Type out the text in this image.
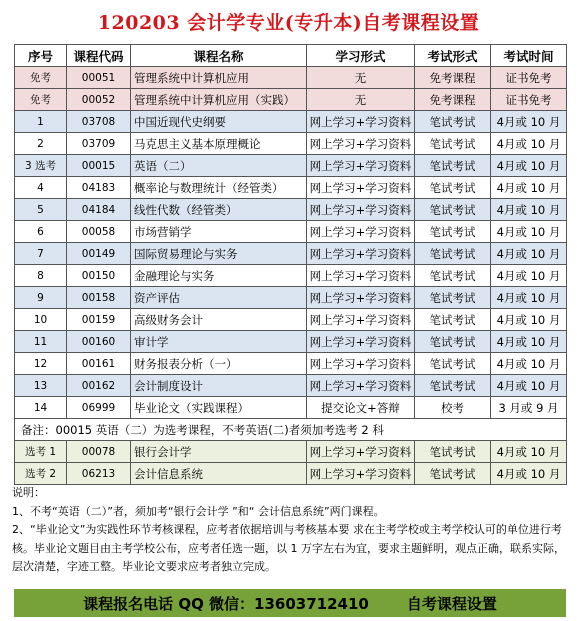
120203 会计学专业(专升本)自考课程设置
序号	课程代码	课程名称	学习形式	考试形式	考试时间
免考	00051	管理系统中计算机应用	无	免考课程	证书免考
免考	00052	管理系统中计算机应用（实践）	无	免考课程	证书免考
1	03708	中国近现代史纲要	网上学习+学习资料	笔试考试	4月或 10 月
2	03709	马克思主义基本原理概论	网上学习+学习资料	笔试考试	4月或 10 月
3 选考	00015	英语（二）	网上学习+学习资料	笔试考试	4月或 10 月
4	04183	概率论与数理统计（经管类）	网上学习+学习资料	笔试考试	4月或 10 月
5	04184	线性代数（经管类）	网上学习+学习资料	笔试考试	4月或 10 月
6	00058	市场营销学	网上学习+学习资料	笔试考试	4月或 10 月
7	00149	国际贸易理论与实务	网上学习+学习资料	笔试考试	4月或 10 月
8	00150	金融理论与实务	网上学习+学习资料	笔试考试	4月或 10 月
9	00158	资产评估	网上学习+学习资料	笔试考试	4月或 10 月
10	00159	高级财务会计	网上学习+学习资料	笔试考试	4月或 10 月
11	00160	审计学	网上学习+学习资料	笔试考试	4月或 10 月
12	00161	财务报表分析（一）	网上学习+学习资料	笔试考试	4月或 10 月
13	00162	会计制度设计	网上学习+学习资料	笔试考试	4月或 10 月
14	06999	毕业论文（实践课程）	提交论文+答辩	校考	3 月或 9 月
备注：00015 英语（二）为选考课程，不考英语(二)者须加考选考 2 科					
选考 1	00078	银行会计学	网上学习+学习资料	笔试考试	4月或 10 月
选考 2	06213	会计信息系统	网上学习+学习资料	笔试考试	4月或 10 月

说明：

1、不考“英语（二）”者，须加考“银行会计学 ”和“ 会计信息系统”两门课程。

2、“毕业论文”为实践性环节考核课程，应考者依据培训与考核基本要 求在主考学校或主考学校认可的单位进行考核。毕业论文题目由主考学校公布，应考者任选一题，以 1 万字左右为宜，要求主题鲜明，观点正确，联系实际，层次清楚，字迹工整。毕业论文要求应考者独立完成。

课程报名电话 QQ 微信：13603712410	自考课程设置
